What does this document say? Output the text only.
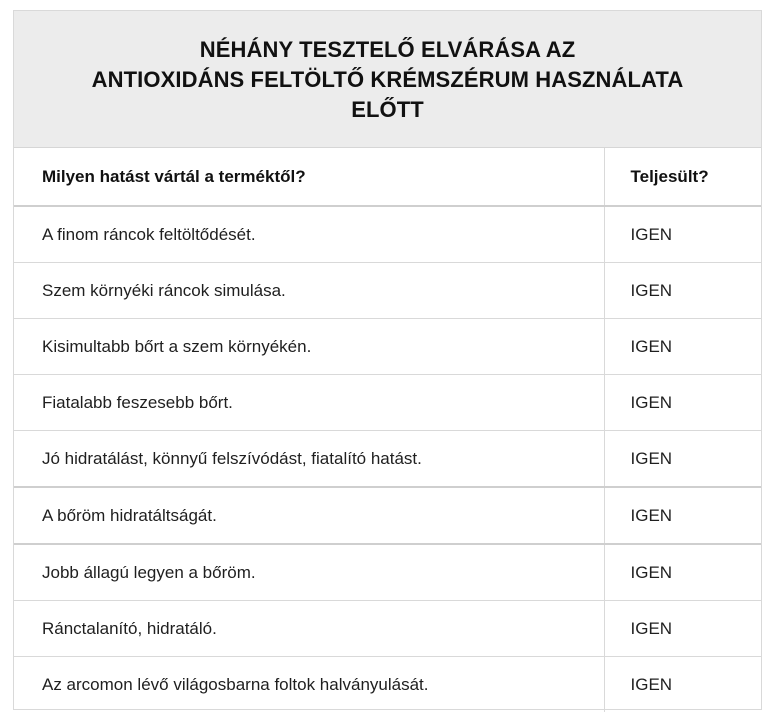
NÉHÁNY TESZTELŐ ELVÁRÁSA AZ
ANTIOXIDÁNS FELTÖLTŐ KRÉMSZÉRUM HASZNÁLATA
ELŐTT
Milyen hatást vártál a terméktől?	Teljesült?
A finom ráncok feltöltődését.	IGEN
Szem környéki ráncok simulása.	IGEN
Kisimultabb bőrt a szem környékén.	IGEN
Fiatalabb feszesebb bőrt.	IGEN
Jó hidratálást, könnyű felszívódást, fiatalító hatást.	IGEN
A bőröm hidratáltságát.	IGEN
Jobb állagú legyen a bőröm.	IGEN
Ránctalanító, hidratáló.	IGEN
Az arcomon lévő világosbarna foltok halványulását.	IGEN
